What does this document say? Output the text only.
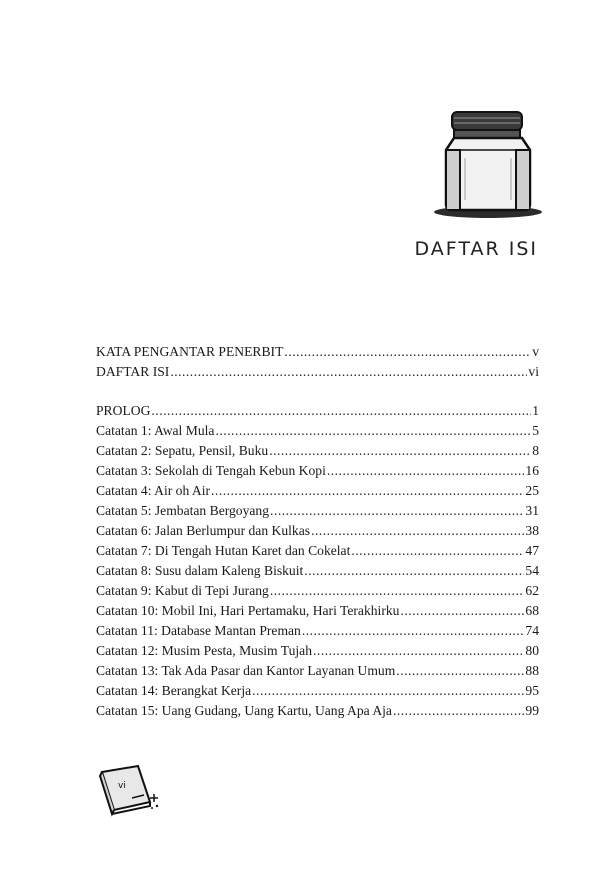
DAFTAR ISI
KATA PENGANTAR PENERBIT .....	v
DAFTAR ISI .....	vi
PROLOG .....	1
Catatan 1: Awal Mula .....	5
Catatan 2: Sepatu, Pensil, Buku .....	8
Catatan 3: Sekolah di Tengah Kebun Kopi .....	16
Catatan 4: Air oh Air .....	25
Catatan 5: Jembatan Bergoyang .....	31
Catatan 6: Jalan Berlumpur dan Kulkas .....	38
Catatan 7: Di Tengah Hutan Karet dan Cokelat .....	47
Catatan 8: Susu dalam Kaleng Biskuit .....	54
Catatan 9: Kabut di Tepi Jurang .....	62
Catatan 10: Mobil Ini, Hari Pertamaku, Hari Terakhirku .....	68
Catatan 11: Database Mantan Preman .....	74
Catatan 12: Musim Pesta, Musim Tujah .....	80
Catatan 13: Tak Ada Pasar dan Kantor Layanan Umum .....	88
Catatan 14: Berangkat Kerja .....	95
Catatan 15: Uang Gudang, Uang Kartu, Uang Apa Aja .....	99
vi
